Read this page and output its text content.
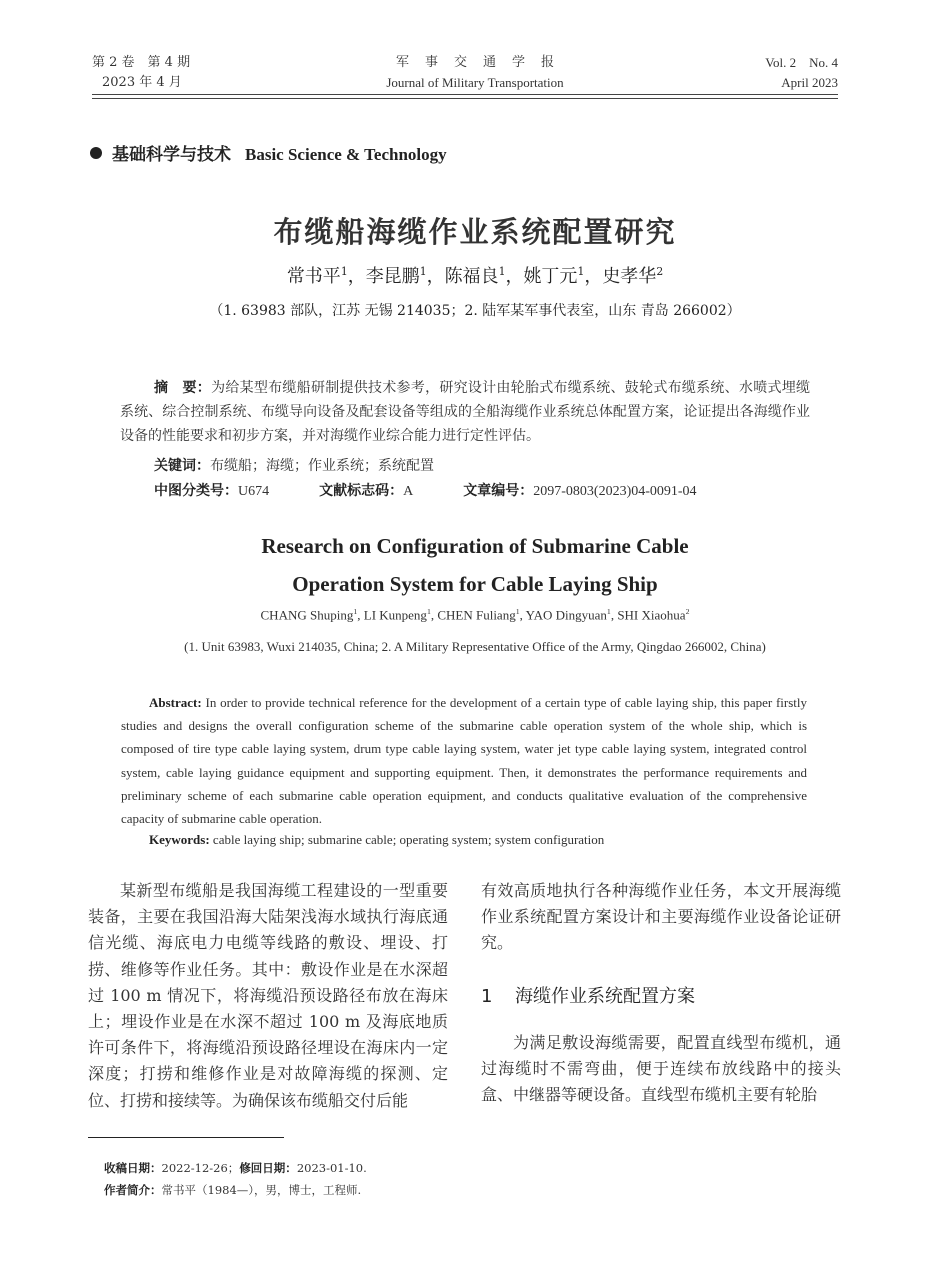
第 2 卷　第 4 期
2023 年 4 月
军事交通学报
Journal of Military Transportation
Vol. 2　No. 4
April 2023
基础科学与技术 Basic Science & Technology
布缆船海缆作业系统配置研究
常书平$^1$，李昆鹏$^1$，陈福良$^1$，姚丁元$^1$，史孝华$^2$
（1. 63983 部队，江苏 无锡 214035；2. 陆军某军事代表室，山东 青岛 266002）
摘　要：为给某型布缆船研制提供技术参考，研究设计由轮胎式布缆系统、鼓轮式布缆系统、水喷式埋缆系统、综合控制系统、布缆导向设备及配套设备等组成的全船海缆作业系统总体配置方案，论证提出各海缆作业设备的性能要求和初步方案，并对海缆作业综合能力进行定性评估。
关键词：布缆船；海缆；作业系统；系统配置
中图分类号：U674	文献标志码：A	文章编号：2097-0803(2023)04-0091-04
Research on Configuration of Submarine Cable
Operation System for Cable Laying Ship
CHANG Shuping$^1$, LI Kunpeng$^1$, CHEN Fuliang$^1$, YAO Dingyuan$^1$, SHI Xiaohua$^2$
(1. Unit 63983, Wuxi 214035, China; 2. A Military Representative Office of the Army, Qingdao 266002, China)
Abstract: In order to provide technical reference for the development of a certain type of cable laying ship, this paper firstly studies and designs the overall configuration scheme of the submarine cable operation system of the whole ship, which is composed of tire type cable laying system, drum type cable laying system, water jet type cable laying system, integrated control system, cable laying guidance equipment and supporting equipment. Then, it demonstrates the performance requirements and preliminary scheme of each submarine cable operation equipment, and conducts qualitative evaluation of the comprehensive capacity of submarine cable operation.
Keywords: cable laying ship; submarine cable; operating system; system configuration
某新型布缆船是我国海缆工程建设的一型重要装备，主要在我国沿海大陆架浅海水域执行海底通信光缆、海底电力电缆等线路的敷设、埋设、打捞、维修等作业任务。其中：敷设作业是在水深超过 100 m 情况下，将海缆沿预设路径布放在海床上；埋设作业是在水深不超过 100 m 及海底地质许可条件下，将海缆沿预设路径埋设在海床内一定深度；打捞和维修作业是对故障海缆的探测、定位、打捞和接续等。为确保该布缆船交付后能
有效高质地执行各种海缆作业任务，本文开展海缆作业系统配置方案设计和主要海缆作业设备论证研究。
1 海缆作业系统配置方案
为满足敷设海缆需要，配置直线型布缆机，通过海缆时不需弯曲，便于连续布放线路中的接头盒、中继器等硬设备。直线型布缆机主要有轮胎
收稿日期：2022-12-26；修回日期：2023-01-10.
作者简介：常书平（1984—），男，博士，工程师.
